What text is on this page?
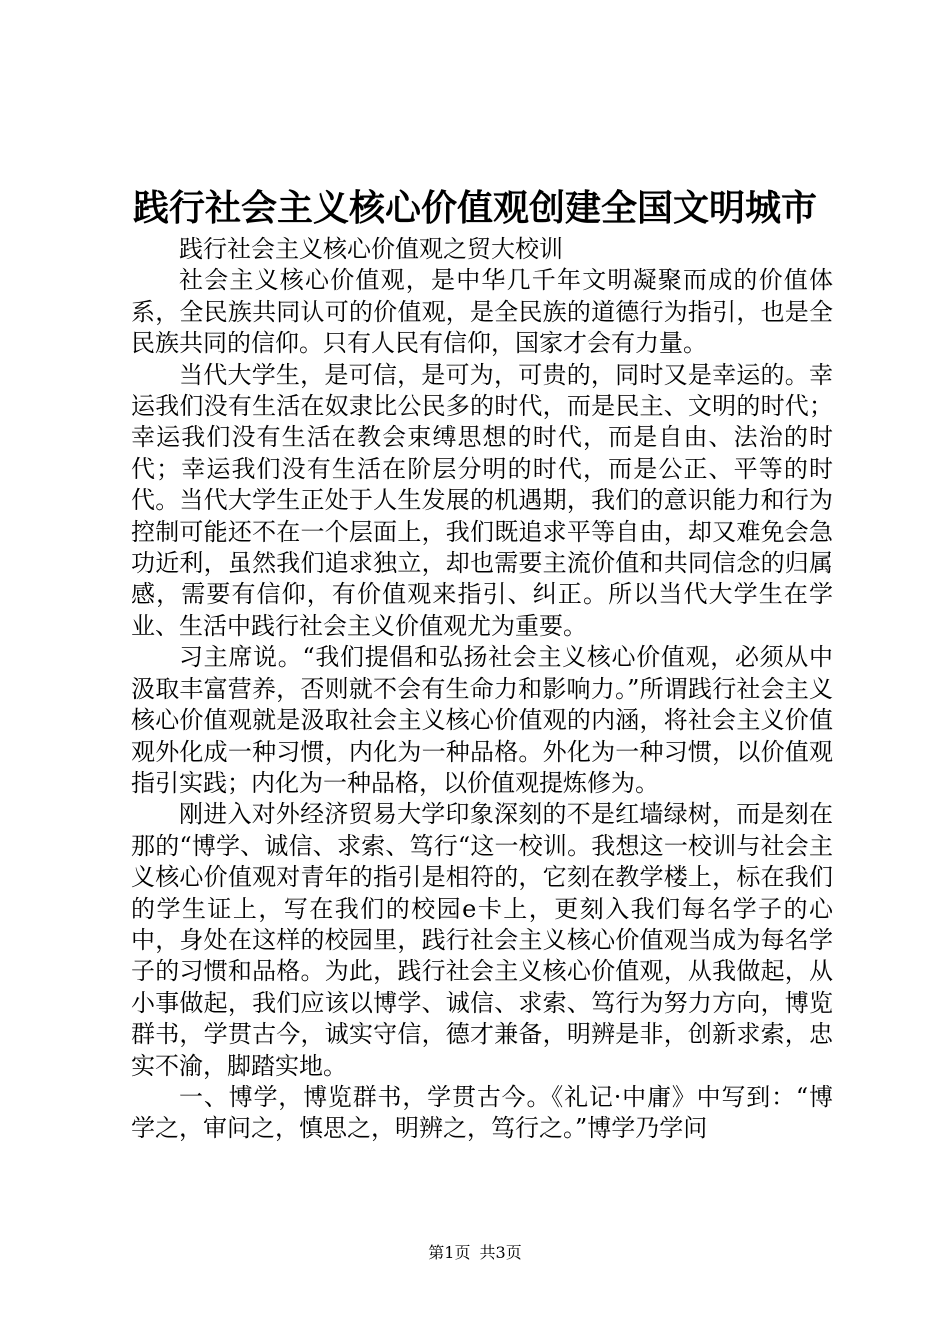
践行社会主义核心价值观创建全国文明城市

践行社会主义核心价值观之贸大校训

社会主义核心价值观，是中华几千年文明凝聚而成的价值体系，全民族共同认可的价值观，是全民族的道德行为指引，也是全民族共同的信仰。只有人民有信仰，国家才会有力量。

当代大学生，是可信，是可为，可贵的，同时又是幸运的。幸运我们没有生活在奴隶比公民多的时代，而是民主、文明的时代；幸运我们没有生活在教会束缚思想的时代，而是自由、法治的时代；幸运我们没有生活在阶层分明的时代，而是公正、平等的时代。当代大学生正处于人生发展的机遇期，我们的意识能力和行为控制可能还不在一个层面上，我们既追求平等自由，却又难免会急功近利，虽然我们追求独立，却也需要主流价值和共同信念的归属感，需要有信仰，有价值观来指引、纠正。所以当代大学生在学业、生活中践行社会主义价值观尤为重要。

习主席说。“我们提倡和弘扬社会主义核心价值观，必须从中汲取丰富营养，否则就不会有生命力和影响力。”所谓践行社会主义核心价值观就是汲取社会主义核心价值观的内涵，将社会主义价值观外化成一种习惯，内化为一种品格。外化为一种习惯，以价值观指引实践；内化为一种品格，以价值观提炼修为。

刚进入对外经济贸易大学印象深刻的不是红墙绿树，而是刻在那的“博学、诚信、求索、笃行“这一校训。我想这一校训与社会主义核心价值观对青年的指引是相符的，它刻在教学楼上，标在我们的学生证上，写在我们的校园e卡上，更刻入我们每名学子的心中，身处在这样的校园里，践行社会主义核心价值观当成为每名学子的习惯和品格。为此，践行社会主义核心价值观，从我做起，从小事做起，我们应该以博学、诚信、求索、笃行为努力方向，博览群书，学贯古今，诚实守信，德才兼备，明辨是非，创新求索，忠实不渝，脚踏实地。

一、博学，博览群书，学贯古今。《礼记·中庸》中写到：“博学之，审问之，慎思之，明辨之，笃行之。”博学乃学问

第1页 共3页
